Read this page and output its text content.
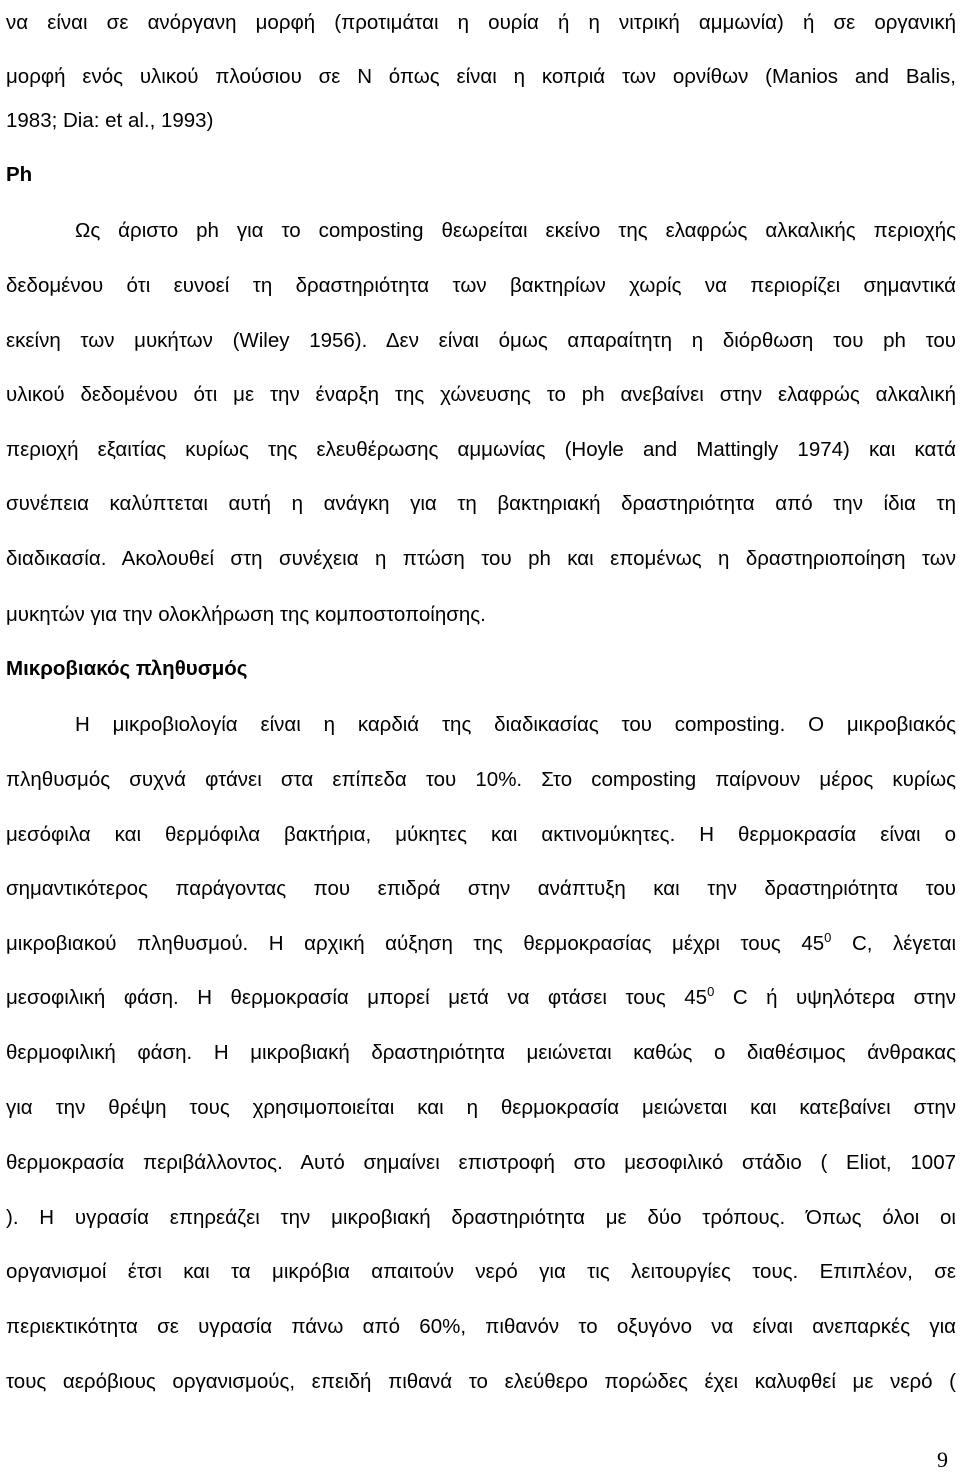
να είναι σε ανόργανη μορφή (προτιμάται η ουρία ή η νιτρική αμμωνία) ή σε οργανική
μορφή ενός υλικού πλούσιου σε Ν όπως είναι η κοπριά των ορνίθων (Manios and Balis,
1983; Dia: et al., 1993)
Ph
Ως άριστο ph για το composting θεωρείται εκείνο της ελαφρώς αλκαλικής περιοχής
δεδομένου ότι ευνοεί τη δραστηριότητα των βακτηρίων χωρίς να περιορίζει σημαντικά
εκείνη των μυκήτων (Wiley 1956). Δεν είναι όμως απαραίτητη η διόρθωση του ph του
υλικού δεδομένου ότι με την έναρξη της χώνευσης το ph ανεβαίνει στην ελαφρώς αλκαλική
περιοχή εξαιτίας κυρίως της ελευθέρωσης αμμωνίας (Hoyle and Mattingly 1974) και κατά
συνέπεια καλύπτεται αυτή η ανάγκη για τη βακτηριακή δραστηριότητα από την ίδια τη
διαδικασία. Ακολουθεί στη συνέχεια η πτώση του ph και επομένως η δραστηριοποίηση των
μυκητών για την ολοκλήρωση της κομποστοποίησης.
Μικροβιακός πληθυσμός
Η μικροβιολογία είναι η καρδιά της διαδικασίας του composting. Ο μικροβιακός
πληθυσμός συχνά φτάνει στα επίπεδα του 10%. Στο composting παίρνουν μέρος κυρίως
μεσόφιλα και θερμόφιλα βακτήρια, μύκητες και ακτινομύκητες. Η θερμοκρασία είναι ο
σημαντικότερος παράγοντας που επιδρά στην ανάπτυξη και την δραστηριότητα του
μικροβιακού πληθυσμού. Η αρχική αύξηση της θερμοκρασίας μέχρι τους $45^0$ C, λέγεται
μεσοφιλική φάση. Η θερμοκρασία μπορεί μετά να φτάσει τους $45^0$ C ή υψηλότερα στην
θερμοφιλική φάση. Η μικροβιακή δραστηριότητα μειώνεται καθώς ο διαθέσιμος άνθρακας
για την θρέψη τους χρησιμοποιείται και η θερμοκρασία μειώνεται και κατεβαίνει στην
θερμοκρασία περιβάλλοντος. Αυτό σημαίνει επιστροφή στο μεσοφιλικό στάδιο ( Eliot, 1007
). Η υγρασία επηρεάζει την μικροβιακή δραστηριότητα με δύο τρόπους. Όπως όλοι οι
οργανισμοί έτσι και τα μικρόβια απαιτούν νερό για τις λειτουργίες τους. Επιπλέον, σε
περιεκτικότητα σε υγρασία πάνω από 60%, πιθανόν το οξυγόνο να είναι ανεπαρκές για
τους αερόβιους οργανισμούς, επειδή πιθανά το ελεύθερο πορώδες έχει καλυφθεί με νερό (
9
